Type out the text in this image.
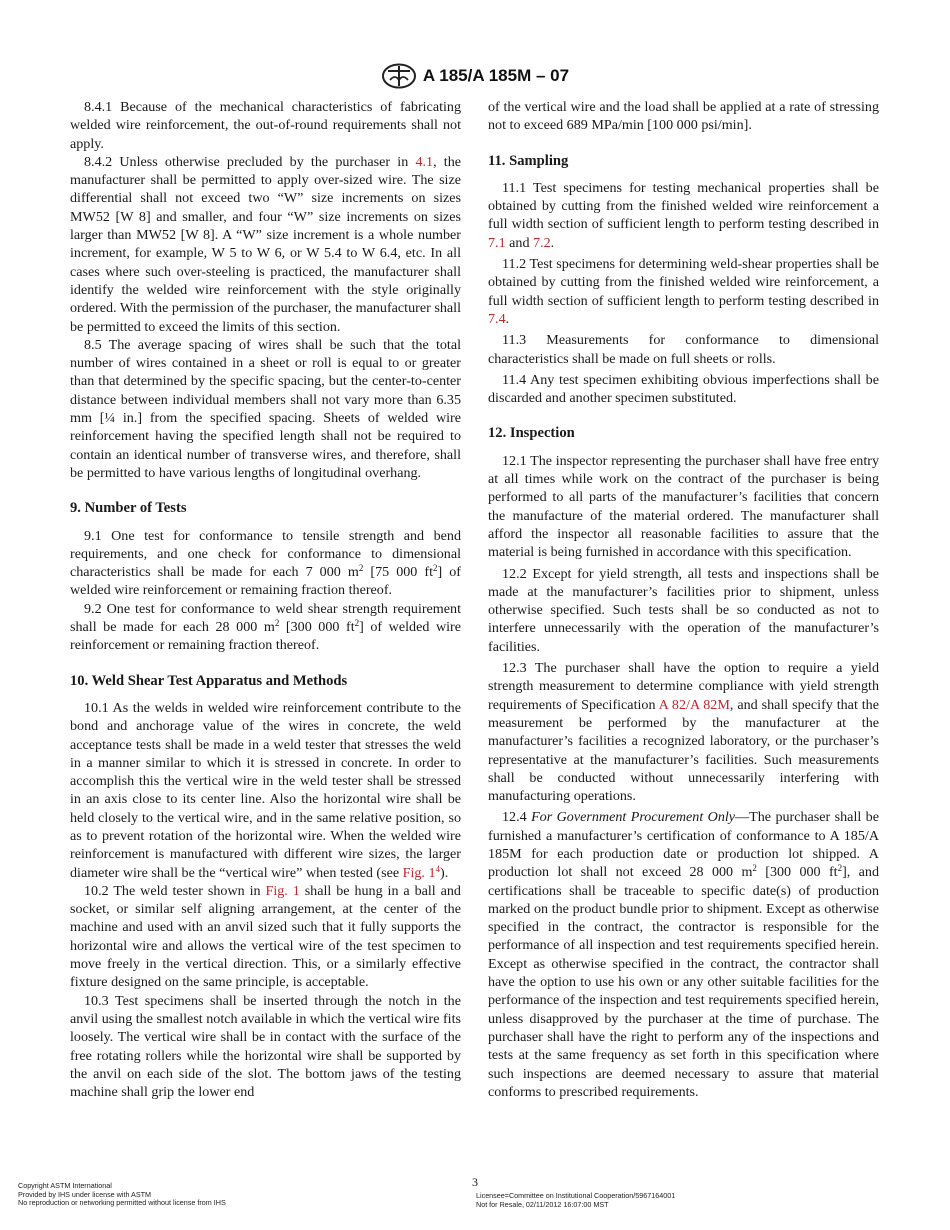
A 185/A 185M – 07

8.4.1 Because of the mechanical characteristics of fabricating welded wire reinforcement, the out-of-round requirements shall not apply.

8.4.2 Unless otherwise precluded by the purchaser in 4.1, the manufacturer shall be permitted to apply over-sized wire. The size differential shall not exceed two “W” size increments on sizes MW52 [W 8] and smaller, and four “W” size increments on sizes larger than MW52 [W 8]. A “W” size increment is a whole number increment, for example, W 5 to W 6, or W 5.4 to W 6.4, etc. In all cases where such over-steeling is practiced, the manufacturer shall identify the welded wire reinforcement with the style originally ordered. With the permission of the purchaser, the manufacturer shall be permitted to exceed the limits of this section.

8.5 The average spacing of wires shall be such that the total number of wires contained in a sheet or roll is equal to or greater than that determined by the specific spacing, but the center-to-center distance between individual members shall not vary more than 6.35 mm [¼ in.] from the specified spacing. Sheets of welded wire reinforcement having the specified length shall not be required to contain an identical number of transverse wires, and therefore, shall be permitted to have various lengths of longitudinal overhang.

9. Number of Tests

9.1 One test for conformance to tensile strength and bend requirements, and one check for conformance to dimensional characteristics shall be made for each 7 000 $m^2$ [75 000 $ft^2$] of welded wire reinforcement or remaining fraction thereof.

9.2 One test for conformance to weld shear strength requirement shall be made for each 28 000 $m^2$ [300 000 $ft^2$] of welded wire reinforcement or remaining fraction thereof.

10. Weld Shear Test Apparatus and Methods

10.1 As the welds in welded wire reinforcement contribute to the bond and anchorage value of the wires in concrete, the weld acceptance tests shall be made in a weld tester that stresses the weld in a manner similar to which it is stressed in concrete. In order to accomplish this the vertical wire in the weld tester shall be stressed in an axis close to its center line. Also the horizontal wire shall be held closely to the vertical wire, and in the same relative position, so as to prevent rotation of the horizontal wire. When the welded wire reinforcement is manufactured with different wire sizes, the larger diameter wire shall be the “vertical wire” when tested (see Fig. 1$^4$).

10.2 The weld tester shown in Fig. 1 shall be hung in a ball and socket, or similar self aligning arrangement, at the center of the machine and used with an anvil sized such that it fully supports the horizontal wire and allows the vertical wire of the test specimen to move freely in the vertical direction. This, or a similarly effective fixture designed on the same principle, is acceptable.

10.3 Test specimens shall be inserted through the notch in the anvil using the smallest notch available in which the vertical wire fits loosely. The vertical wire shall be in contact with the surface of the free rotating rollers while the horizontal wire shall be supported by the anvil on each side of the slot. The bottom jaws of the testing machine shall grip the lower end

of the vertical wire and the load shall be applied at a rate of stressing not to exceed 689 MPa/min [100 000 psi/min].

11. Sampling

11.1 Test specimens for testing mechanical properties shall be obtained by cutting from the finished welded wire reinforcement a full width section of sufficient length to perform testing described in 7.1 and 7.2.

11.2 Test specimens for determining weld-shear properties shall be obtained by cutting from the finished welded wire reinforcement, a full width section of sufficient length to perform testing described in 7.4.

11.3 Measurements for conformance to dimensional characteristics shall be made on full sheets or rolls.

11.4 Any test specimen exhibiting obvious imperfections shall be discarded and another specimen substituted.

12. Inspection

12.1 The inspector representing the purchaser shall have free entry at all times while work on the contract of the purchaser is being performed to all parts of the manufacturer’s facilities that concern the manufacture of the material ordered. The manufacturer shall afford the inspector all reasonable facilities to assure that the material is being furnished in accordance with this specification.

12.2 Except for yield strength, all tests and inspections shall be made at the manufacturer’s facilities prior to shipment, unless otherwise specified. Such tests shall be so conducted as not to interfere unnecessarily with the operation of the manufacturer’s facilities.

12.3 The purchaser shall have the option to require a yield strength measurement to determine compliance with yield strength requirements of Specification A 82/A 82M, and shall specify that the measurement be performed by the manufacturer at the manufacturer’s facilities a recognized laboratory, or the purchaser’s representative at the manufacturer’s facilities. Such measurements shall be conducted without unnecessarily interfering with manufacturing operations.

12.4 For Government Procurement Only—The purchaser shall be furnished a manufacturer’s certification of conformance to A 185/A 185M for each production date or production lot shipped. A production lot shall not exceed 28 000 $m^2$ [300 000 $ft^2$], and certifications shall be traceable to specific date(s) of production marked on the product bundle prior to shipment. Except as otherwise specified in the contract, the contractor is responsible for the performance of all inspection and test requirements specified herein. Except as otherwise specified in the contract, the contractor shall have the option to use his own or any other suitable facilities for the performance of the inspection and test requirements specified herein, unless disapproved by the purchaser at the time of purchase. The purchaser shall have the right to perform any of the inspections and tests at the same frequency as set forth in this specification where such inspections are deemed necessary to assure that material conforms to prescribed requirements.

3
Copyright ASTM International
Provided by IHS under license with ASTM
No reproduction or networking permitted without license from IHS
Licensee=Committee on Institutional Cooperation/5967164001
Not for Resale, 02/11/2012 16:07:00 MST
